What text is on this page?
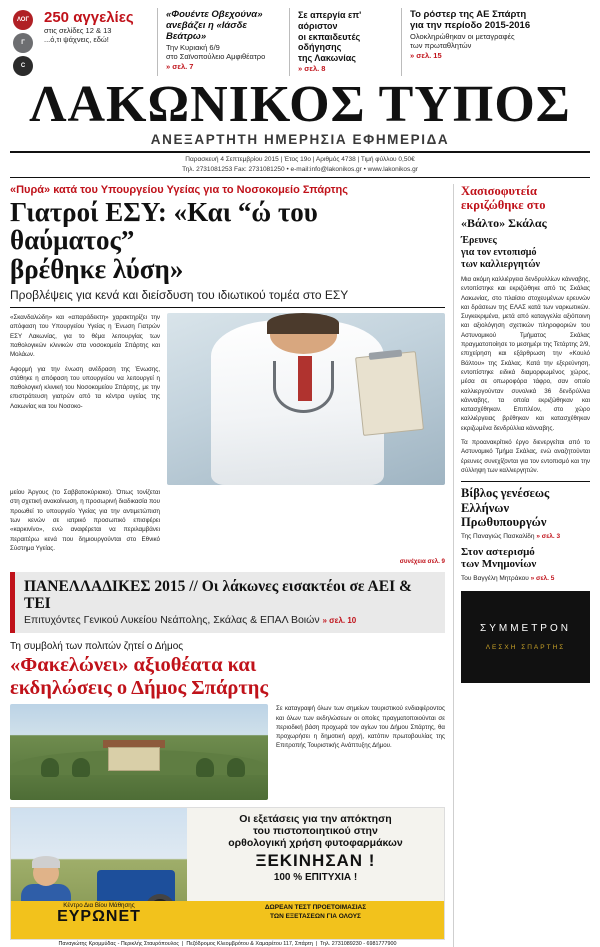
ΛΟΓ
Γ
C
250 αγγελίες
στις σελίδες 12 & 13
...ό,τι ψάχνεις, εδώ!
«Φουέντε Οβεχούνα»
ανεβάζει η «Ιάσδε Βεάτρω»
Την Κυριακή 6/9
στο Σαϊνοπούλειο Αμφιθέατρο
» σελ. 7
Σε απεργία επ' αόριστον
οι εκπαιδευτές οδήγησης
της Λακωνίας
» σελ. 8
Το ρόστερ της ΑΕ Σπάρτη
για την περίοδο 2015-2016
Ολοκληρώθηκαν οι μεταγραφές
των πρωταθλητών
» σελ. 15
ΛΑΚΩΝΙΚΟΣ ΤΥΠΟΣ
ΑΝΕΞΑΡΤΗΤΗ ΗΜΕΡΗΣΙΑ ΕΦΗΜΕΡΙΔΑ
Παρασκευή 4 Σεπτεμβρίου 2015 | Έτος 19ο | Αριθμός 4738 | Τιμή φύλλου 0,50€
Τηλ. 2731081253 Fax: 2731081250 • e-mail:info@lakonikos.gr • www.lakonikos.gr
«Πυρά» κατά του Υπουργείου Υγείας για το Νοσοκομείο Σπάρτης
Γιατροί ΕΣΥ: «Και “ώ του θαύματος”
βρέθηκε λύση»
Προβλέψεις για κενά και διείσδυση του ιδιωτικού τομέα στο ΕΣΥ

«Σκανδαλώδη» και «απαράδεκτη» χαρακτηρίζει την απόφαση του Υπουργείου Υγείας η Ένωση Γιατρών ΕΣΥ Λακωνίας, για το θέμα λειτουργίας των παθολογικών κλινικών στα νοσοκομεία Σπάρτης και Μολάων.

Αφορμή για την ένωση ανέδραση της Ένωσης, στάθηκε η απόφαση του υπουργείου να λειτουργεί η παθολογική κλινική του Νοσοκομείου Σπάρτης, με την επιστράτευση γιατρών από τα κέντρα υγείας της Λακωνίας και του Νοσοκο-

μείου Άργους (το Σαββατοκύριακο). Όπως τονίζεται στη σχετική ανακοίνωση, η προσωρινή διαδικασία που προωθεί το υπουργείο Υγείας για την αντιμετώπιση των κενών σε ιατρικό προσωπικό επισφέρει «καρκινίνο», ενώ αναφέρεται να περιλαμβάνει περαιτέρω κενά που δημιουργούνται στο Εθνικό Σύστημα Υγείας.

συνέχεια σελ. 9
ΠΑΝΕΛΛΑΔΙΚΕΣ 2015 // Οι λάκωνες εισακτέοι σε ΑΕΙ & ΤΕΙ
Επιτυχόντες Γενικού Λυκείου Νεάπολης, Σκάλας & ΕΠΑΛ Βοιών » σελ. 10
Τη συμβολή των πολιτών ζητεί ο Δήμος
«Φακελώνει» αξιοθέατα και
εκδηλώσεις ο Δήμος Σπάρτης

Σε καταγραφή όλων των σημείων τουριστικού ενδιαφέροντος και όλων των εκδηλώσεων οι οποίες πραγματοποιούνται σε περιοδική βάση προχωρά τον αγίων του Δήμου Σπάρτης, θα προχωρήσει η δημοτική αρχή, κατόπιν πρωτοβουλίας της Επιτροπής Τουριστικής Ανάπτυξης Δήμου.

Οι εξετάσεις για την απόκτηση
του πιστοποιητικού στην
ορθολογική χρήση φυτοφαρμάκων
ΞΕΚΙΝΗΣΑΝ !
100 % ΕΠΙΤΥΧΙΑ !
ΔΩΡΕΑΝ ΤΕΣΤ ΠΡΟΕΤΟΙΜΑΣΙΑΣ
ΤΩΝ ΕΞΕΤΑΣΕΩΝ ΓΙΑ ΟΛΟΥΣ
Κέντρο Δια Βίου Μάθησης
ΕΥΡΩΝΕΤ
Παναγιώτης Κρομμύδας - Περικλής Σταυρόπουλος  |  Πεζόδρομος Κλεομβρότου & Χαμαρέτου 117, Σπάρτη  |  Τηλ. 2731089230 - 6981777900
Χασισοφυτεία
εκριζώθηκε στο
«Βάλτο» Σκάλας
Έρευνες
για τον εντοπισμό
των καλλιεργητών

Μια ακόμη καλλιέργεια δενδρυλλίων κάνναβης, εντοπίστηκε και εκριζώθηκε από τις Σκάλας Λακωνίας, στο πλαίσιο στοχευμένων ερευνών και δράσεων της ΕΛΑΣ κατά των ναρκωτικών. Συγκεκριμένα, μετά από καταγγελία αξιόποινη και αξιολόγηση σχετικών πληροφοριών του Αστυνομικού Τμήματος Σκάλας πραγματοποίησε το μεσημέρι της Τετάρτης 2/9, επιχείρηση και εξάρθρωση την «Κουλό Βάλτου» της Σκάλας. Κατά την εξερεύνηση, εντοπίστηκε ειδικά διαμορφωμένος χώρος, μέσα σε οπωροφόρα τάφρο, σαν οποίο καλλιεργούνταν συνολικά 36 δενδρύλλια κάνναβης, τα οποία εκριζώθηκαν και κατασχέθηκαν. Επιπλέον, στο χώρο καλλιέργειας βρέθηκαν και κατασχέθηκαν εκριζωμένα δενδρύλλια κάνναβης.

Τα προανακρίτικό έργο διενεργείται από το Αστυνομικό Τμήμα Σκάλας, ενώ αναζητούνται έρευνες συνεχίζονται για τον εντοπισμό και την σύλληψη των καλλιεργητών.

Βίβλος γενέσεως
Ελλήνων
Πρωθυπουργών
Της Παναγιώς Πασκαλίδη » σελ. 3
Στον αστερισμό
των Μνημονίων
Του Βαγγέλη Μητράκου » σελ. 5
ΣΥΜΜΕΤΡΟΝ
ΛΕΣΧΗ ΣΠΑΡΤΗΣ
